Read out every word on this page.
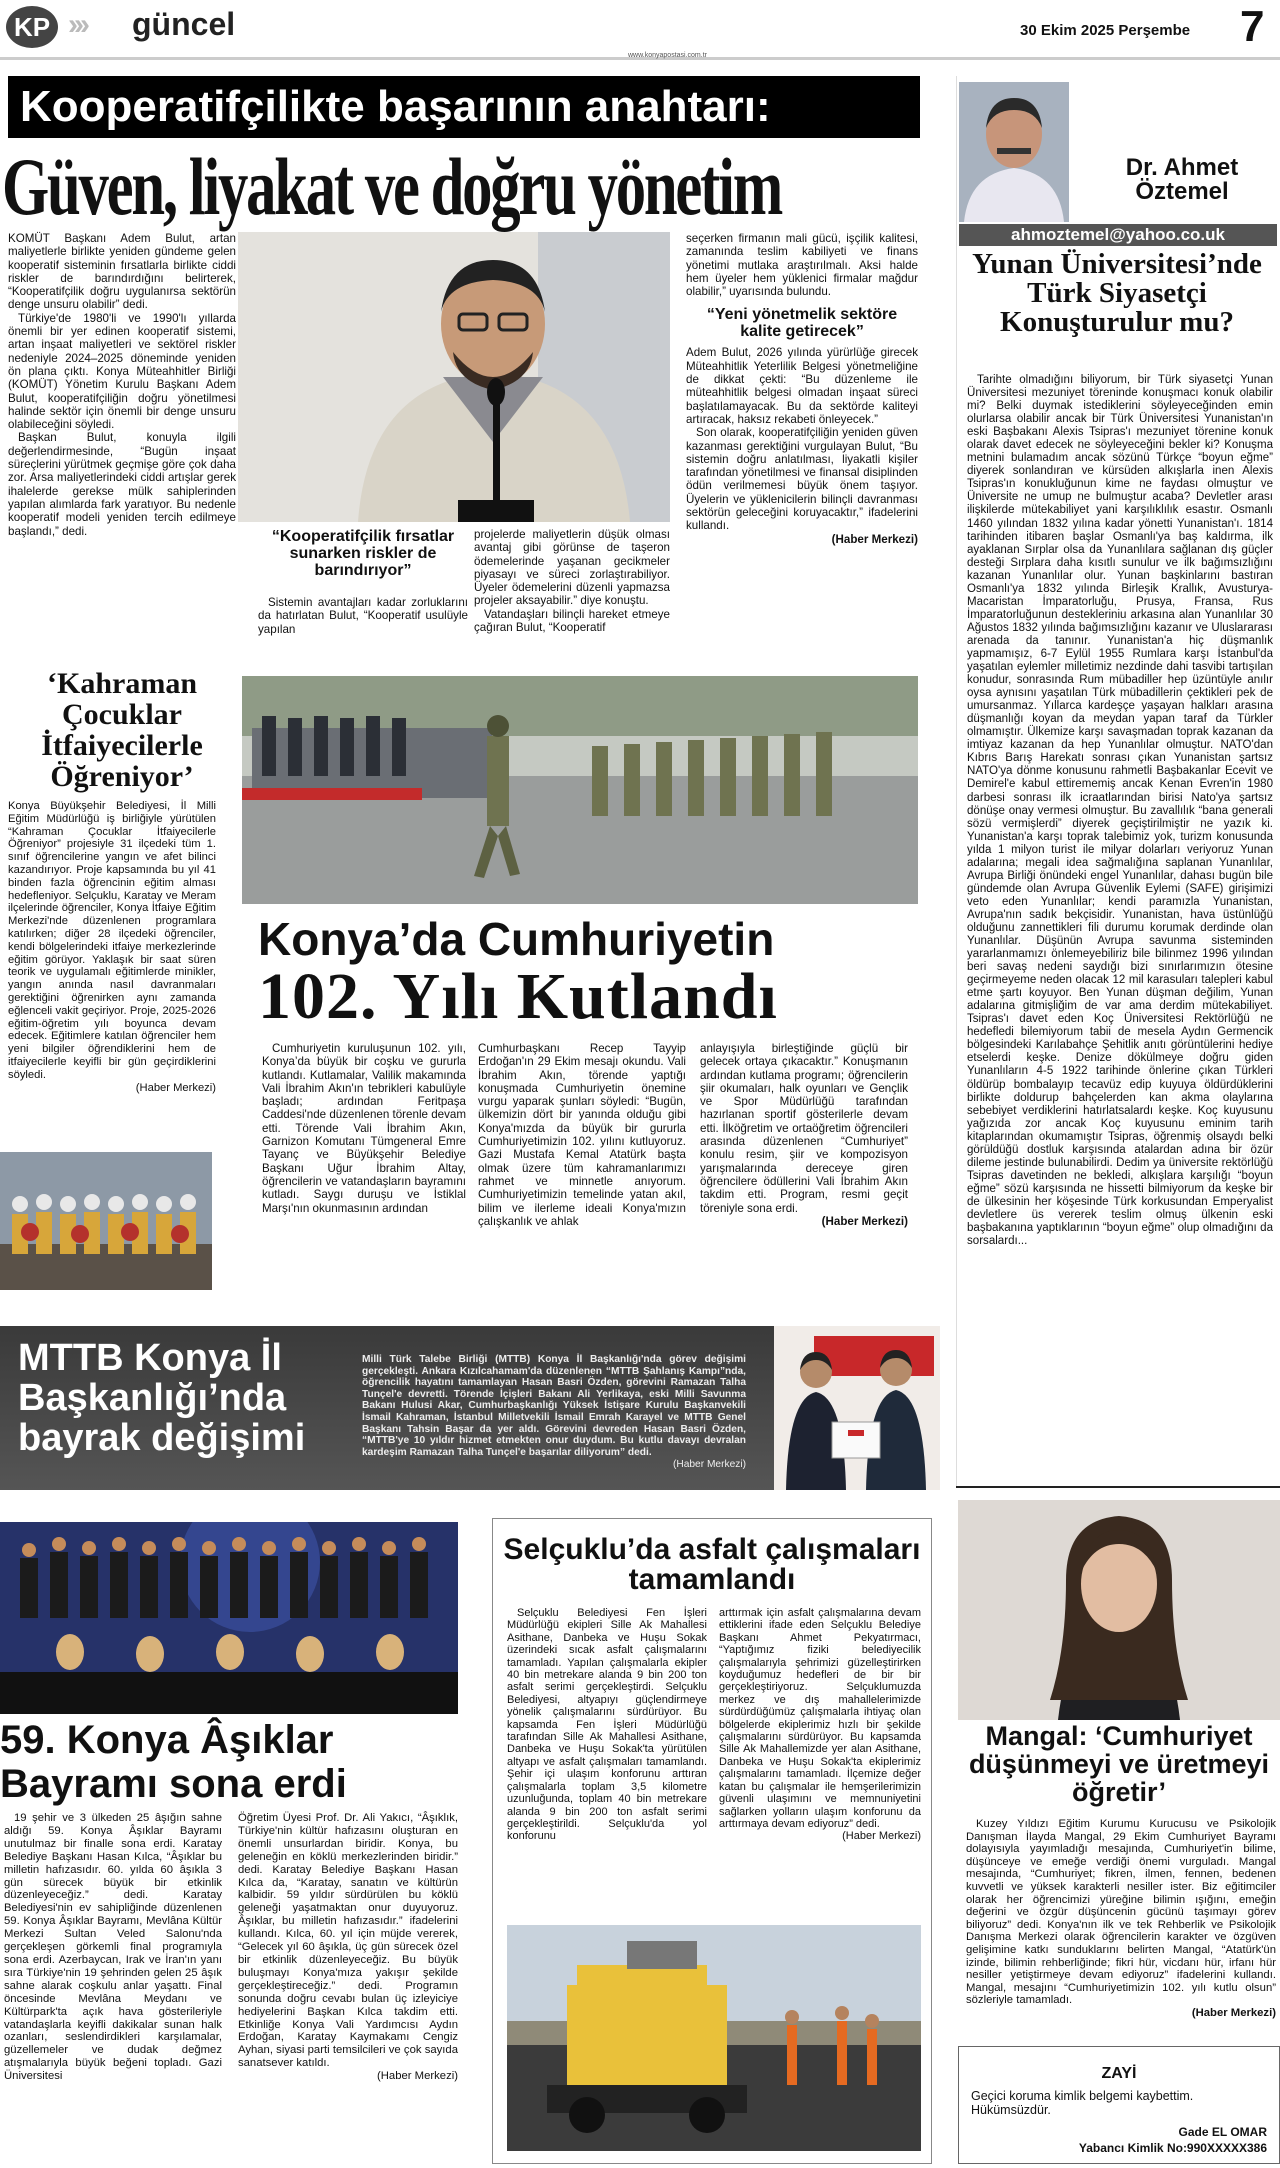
KP ››› güncel
www.konyapostasi.com.tr
30 Ekim 2025 Perşembe 7
Kooperatifçilikte başarının anahtarı:
Güven, liyakat ve doğru yönetim

KOMÜT Başkanı Adem Bulut, artan maliyetlerle birlikte yeniden gündeme gelen kooperatif sisteminin fırsatlarla birlikte ciddi riskler de barındırdığını belirterek, “Kooperatifçilik doğru uygulanırsa sektörün denge unsuru olabilir” dedi.

Türkiye'de 1980'li ve 1990'lı yıllarda önemli bir yer edinen kooperatif sistemi, artan inşaat maliyetleri ve sektörel riskler nedeniyle 2024–2025 döneminde yeniden ön plana çıktı. Konya Müteahhitler Birliği (KOMÜT) Yönetim Kurulu Başkanı Adem Bulut, kooperatifçiliğin doğru yönetilmesi halinde sektör için önemli bir denge unsuru olabileceğini söyledi.

Başkan Bulut, konuyla ilgili değerlendirmesinde, “Bugün inşaat süreçlerini yürütmek geçmişe göre çok daha zor. Arsa maliyetlerindeki ciddi artışlar gerek ihalelerde gerekse mülk sahiplerinden yapılan alımlarda fark yaratıyor. Bu nedenle kooperatif modeli yeniden tercih edilmeye başlandı,” dedi.	“Kooperatifçilik fırsatlar sunarken riskler de barındırıyor”

Sistemin avantajları kadar zorluklarını da hatırlatan Bulut, “Kooperatif usulüyle yapılan

projelerde maliyetlerin düşük olması avantaj gibi görünse de taşeron ödemelerinde yaşanan gecikmeler piyasayı ve süreci zorlaştırabiliyor. Üyeler ödemelerini düzenli yapmazsa projeler aksayabilir.” diye konuştu.

Vatandaşları bilinçli hareket etmeye çağıran Bulut, “Kooperatif

seçerken firmanın mali gücü, işçilik kalitesi, zamanında teslim kabiliyeti ve finans yönetimi mutlaka araştırılmalı. Aksi halde hem üyeler hem yüklenici firmalar mağdur olabilir,” uyarısında bulundu.

“Yeni yönetmelik sektöre kalite getirecek”

Adem Bulut, 2026 yılında yürürlüğe girecek Müteahhitlik Yeterlilik Belgesi yönetmeliğine de dikkat çekti: “Bu düzenleme ile müteahhitlik belgesi olmadan inşaat süreci başlatılamayacak. Bu da sektörde kaliteyi artıracak, haksız rekabeti önleyecek.”

Son olarak, kooperatifçiliğin yeniden güven kazanması gerektiğini vurgulayan Bulut, “Bu sistemin doğru anlatılması, liyakatli kişiler tarafından yönetilmesi ve finansal disiplinden ödün verilmemesi büyük önem taşıyor. Üyelerin ve yüklenicilerin bilinçli davranması sektörün geleceğini koruyacaktır,” ifadelerini kullandı.

(Haber Merkezi)

‘Kahraman Çocuklar İtfaiyecilerle Öğreniyor’

Konya Büyükşehir Belediyesi, İl Milli Eğitim Müdürlüğü iş birliğiyle yürütülen “Kahraman Çocuklar İtfaiyecilerle Öğreniyor” projesiyle 31 ilçedeki tüm 1. sınıf öğrencilerine yangın ve afet bilinci kazandırıyor. Proje kapsamında bu yıl 41 binden fazla öğrencinin eğitim alması hedefleniyor. Selçuklu, Karatay ve Meram ilçelerinde öğrenciler, Konya İtfaiye Eğitim Merkezi'nde düzenlenen programlara katılırken; diğer 28 ilçedeki öğrenciler, kendi bölgelerindeki itfaiye merkezlerinde eğitim görüyor. Yaklaşık bir saat süren teorik ve uygulamalı eğitimlerde minikler, yangın anında nasıl davranmaları gerektiğini öğrenirken aynı zamanda eğlenceli vakit geçiriyor. Proje, 2025-2026 eğitim-öğretim yılı boyunca devam edecek. Eğitimlere katılan öğrenciler hem yeni bilgiler öğrendiklerini hem de itfaiyecilerle keyifli bir gün geçirdiklerini söyledi.

(Haber Merkezi)

Konya’da Cumhuriyetin
102. Yılı Kutlandı

Cumhuriyetin kuruluşunun 102. yılı, Konya’da büyük bir coşku ve gururla kutlandı. Kutlamalar, Valilik makamında Vali İbrahim Akın'ın tebrikleri kabulüyle başladı; ardından Feritpaşa Caddesi'nde düzenlenen törenle devam etti. Törende Vali İbrahim Akın, Garnizon Komutanı Tümgeneral Emre Tayanç ve Büyükşehir Belediye Başkanı Uğur İbrahim Altay, öğrencilerin ve vatandaşların bayramını kutladı. Saygı duruşu ve İstiklal Marşı'nın okunmasının ardından

Cumhurbaşkanı Recep Tayyip Erdoğan'ın 29 Ekim mesajı okundu. Vali İbrahim Akın, törende yaptığı konuşmada Cumhuriyetin önemine vurgu yaparak şunları söyledi: “Bugün, ülkemizin dört bir yanında olduğu gibi Konya'mızda da büyük bir gururla Cumhuriyetimizin 102. yılını kutluyoruz. Gazi Mustafa Kemal Atatürk başta olmak üzere tüm kahramanlarımızı rahmet ve minnetle anıyorum. Cumhuriyetimizin temelinde yatan akıl, bilim ve ilerleme ideali Konya'mızın çalışkanlık ve ahlak

anlayışıyla birleştiğinde güçlü bir gelecek ortaya çıkacaktır.” Konuşmanın ardından kutlama programı; öğrencilerin şiir okumaları, halk oyunları ve Gençlik ve Spor Müdürlüğü tarafından hazırlanan sportif gösterilerle devam etti. İlköğretim ve ortaöğretim öğrencileri arasında düzenlenen “Cumhuriyet” konulu resim, şiir ve kompozisyon yarışmalarında dereceye giren öğrencilere ödüllerini Vali İbrahim Akın takdim etti. Program, resmi geçit töreniyle sona erdi.

(Haber Merkezi)

MTTB Konya İl Başkanlığı’nda bayrak değişimi

Milli Türk Talebe Birliği (MTTB) Konya İl Başkanlığı'nda görev değişimi gerçekleşti. Ankara Kızılcahamam'da düzenlenen “MTTB Şahlanış Kampı”nda, öğrencilik hayatını tamamlayan Hasan Basri Özden, görevini Ramazan Talha Tunçel'e devretti. Törende İçişleri Bakanı Ali Yerlikaya, eski Milli Savunma Bakanı Hulusi Akar, Cumhurbaşkanlığı Yüksek İstişare Kurulu Başkanvekili İsmail Kahraman, İstanbul Milletvekili İsmail Emrah Karayel ve MTTB Genel Başkanı Tahsin Başar da yer aldı. Görevini devreden Hasan Basri Özden, “MTTB'ye 10 yıldır hizmet etmekten onur duydum. Bu kutlu davayı devralan kardeşim Ramazan Talha Tunçel'e başarılar diliyorum” dedi.

(Haber Merkezi)

Dr. Ahmet Öztemel
ahmoztemel@yahoo.co.uk
Yunan Üniversitesi’nde Türk Siyasetçi Konuşturulur mu?

Tarihte olmadığını biliyorum, bir Türk siyasetçi Yunan Üniversitesi mezuniyet töreninde konuşmacı konuk olabilir mi? Belki duymak istediklerini söyleyeceğinden emin olurlarsa olabilir ancak bir Türk Üniversitesi Yunanistan'ın eski Başbakanı Alexis Tsipras'ı mezuniyet törenine konuk olarak davet edecek ne söyleyeceğini bekler ki? Konuşma metnini bulamadım ancak sözünü Türkçe “boyun eğme” diyerek sonlandıran ve kürsüden alkışlarla inen Alexis Tsipras'ın konukluğunun kime ne faydası olmuştur ve Üniversite ne umup ne bulmuştur acaba? Devletler arası ilişkilerde mütekabiliyet yani karşılıklılık esastır. Osmanlı 1460 yılından 1832 yılına kadar yönetti Yunanistan'ı. 1814 tarihinden itibaren başlar Osmanlı'ya baş kaldırma, ilk ayaklanan Sırplar olsa da Yunanlılara sağlanan dış güçler desteği Sırplara daha kısıtlı sunulur ve ilk bağımsızlığını kazanan Yunanlılar olur. Yunan başkinlarını bastıran Osmanlı'ya 1832 yılında Birleşik Krallık, Avusturya-Macaristan İmparatorluğu, Prusya, Fransa, Rus İmparatorluğunun destekleriniu arkasına alan Yunanlılar 30 Ağustos 1832 yılında bağımsızlığını kazanır ve Uluslararası arenada da tanınır. Yunanistan'a hiç düşmanlık yapmamışız, 6-7 Eylül 1955 Rumlara karşı İstanbul'da yaşatılan eylemler milletimiz nezdinde dahi tasvibi tartışılan konudur, sonrasında Rum mübadiller hep üzüntüyle anılır oysa aynısını yaşatılan Türk mübadillerin çektikleri pek de umursanmaz. Yıllarca kardeşçe yaşayan halkları arasına düşmanlığı koyan da meydan yapan taraf da Türkler olmamıştır. Ülkemize karşı savaşmadan toprak kazanan da imtiyaz kazanan da hep Yunanlılar olmuştur. NATO'dan Kıbrıs Barış Harekatı sonrası çıkan Yunanistan şartsız NATO'ya dönme konusunu rahmetli Başbakanlar Ecevit ve Demirel'e kabul ettirememiş ancak Kenan Evren'in 1980 darbesi sonrası ilk icraatlarından birisi Nato'ya şartsız dönüşe onay vermesi olmuştur. Bu zavallılık “bana generali sözü vermişlerdi” diyerek geçiştirilmiştir ne yazık ki. Yunanistan'a karşı toprak talebimiz yok, turizm konusunda yılda 1 milyon turist ile milyar dolarları veriyoruz Yunan adalarına; megali idea sağmalığına saplanan Yunanlılar, Avrupa Birliği önündeki engel Yunanlılar, dahası bugün bile gündemde olan Avrupa Güvenlik Eylemi (SAFE) girişimizi veto eden Yunanlılar; kendi paramızla Yunanistan, Avrupa'nın sadık bekçisidir. Yunanistan, hava üstünlüğü olduğunu zannettikleri fili durumu korumak derdinde olan Yunanlılar. Düşünün Avrupa savunma sisteminden yararlanmamızı önlemeyebiliriz bile bilinmez 1996 yılından beri savaş nedeni saydığı bizi sınırlarımızın ötesine geçirmeyeme neden olacak 12 mil karasuları talepleri kabul etme şartı koyuyor. Ben Yunan düşman değilim, Yunan adalarına gitmişliğim de var ama derdim mütekabiliyet. Tsipras'ı davet eden Koç Üniversitesi Rektörlüğü ne hedefledi bilemiyorum tabii de mesela Aydın Germencik bölgesindeki Karılabahçe Şehitlik anıtı görüntülerini hediye etselerdi keşke. Denize dökülmeye doğru giden Yunanlıların 4-5 1922 tarihinde önlerine çıkan Türkleri öldürüp bombalayıp tecavüz edip kuyuya öldürdüklerini birlikte doldurup bahçelerden kan akma olaylarına sebebiyet verdiklerini hatırlatsalardı keşke. Koç kuyusunu yağızıda zor ancak Koç kuyusunu eminim tarih kitaplarından okumamıştır Tsipras, öğrenmiş olsaydı belki görüldüğü dostluk karşısında atalardan adına bir özür dileme jestinde bulunabilirdi. Dedim ya üniversite rektörlüğü Tsipras davetinden ne bekledi, alkışlara karşılığı “boyun eğme” sözü karşısında ne hissetti bilmiyorum da keşke bir de ülkesinin her köşesinde Türk korkusundan Emperyalist devletlere üs vererek teslim olmuş ülkenin eski başbakanına yaptıklarının “boyun eğme” olup olmadığını da sorsalardı...

59. Konya Âşıklar Bayramı sona erdi

19 şehir ve 3 ülkeden 25 âşığın sahne aldığı 59. Konya Âşıklar Bayramı unutulmaz bir finalle sona erdi. Karatay Belediye Başkanı Hasan Kılca, “Âşıklar bu milletin hafızasıdır. 60. yılda 60 âşıkla 3 gün sürecek büyük bir etkinlik düzenleyeceğiz.” dedi. Karatay Belediyesi'nin ev sahipliğinde düzenlenen 59. Konya Âşıklar Bayramı, Mevlâna Kültür Merkezi Sultan Veled Salonu'nda gerçekleşen görkemli final programıyla sona erdi. Azerbaycan, Irak ve İran'ın yanı sıra Türkiye'nin 19 şehrinden gelen 25 âşık sahne alarak coşkulu anlar yaşattı. Final öncesinde Mevlâna Meydanı ve Kültürpark'ta açık hava gösterileriyle vatandaşlarla keyifli dakikalar sunan halk ozanları, seslendirdikleri karşılamalar, güzellemeler ve dudak değmez atışmalarıyla büyük beğeni topladı. Gazi Üniversitesi

Öğretim Üyesi Prof. Dr. Ali Yakıcı, “Âşıklık, Türkiye'nin kültür hafızasını oluşturan en önemli unsurlardan biridir. Konya, bu geleneğin en köklü merkezlerinden biridir.” dedi. Karatay Belediye Başkanı Hasan Kılca da, “Karatay, sanatın ve kültürün kalbidir. 59 yıldır sürdürülen bu köklü geleneği yaşatmaktan onur duyuyoruz. Âşıklar, bu milletin hafızasıdır.” ifadelerini kullandı. Kılca, 60. yıl için müjde vererek, “Gelecek yıl 60 âşıkla, üç gün sürecek özel bir etkinlik düzenleyeceğiz. Bu büyük buluşmayı Konya'mıza yakışır şekilde gerçekleştireceğiz.” dedi. Programın sonunda doğru cevabı bulan üç izleyiciye hediyelerini Başkan Kılca takdim etti. Etkinliğe Konya Vali Yardımcısı Aydın Erdoğan, Karatay Kaymakamı Cengiz Ayhan, siyasi parti temsilcileri ve çok sayıda sanatsever katıldı.

(Haber Merkezi)

Selçuklu’da asfalt çalışmaları tamamlandı

Selçuklu Belediyesi Fen İşleri Müdürlüğü ekipleri Sille Ak Mahallesi Asithane, Danbeka ve Huşu Sokak üzerindeki sıcak asfalt çalışmalarını tamamladı. Yapılan çalışmalarla ekipler 40 bin metrekare alanda 9 bin 200 ton asfalt serimi gerçekleştirdi. Selçuklu Belediyesi, altyapıyı güçlendirmeye yönelik çalışmalarını sürdürüyor. Bu kapsamda Fen İşleri Müdürlüğü tarafından Sille Ak Mahallesi Asithane, Danbeka ve Huşu Sokak'ta yürütülen altyapı ve asfalt çalışmaları tamamlandı. Şehir içi ulaşım konforunu arttıran çalışmalarla toplam 3,5 kilometre uzunluğunda, toplam 40 bin metrekare alanda 9 bin 200 ton asfalt serimi gerçekleştirildi. Selçuklu'da yol konforunu

arttırmak için asfalt çalışmalarına devam ettiklerini ifade eden Selçuklu Belediye Başkanı Ahmet Pekyatırmacı, “Yaptığımız fiziki belediyecilik çalışmalarıyla şehrimizi güzelleştirirken koyduğumuz hedefleri de bir bir gerçekleştiriyoruz. Selçuklumuzda merkez ve dış mahallelerimizde sürdürdüğümüz çalışmalarla ihtiyaç olan bölgelerde ekiplerimiz hızlı bir şekilde çalışmalarını sürdürüyor. Bu kapsamda Sille Ak Mahallemizde yer alan Asithane, Danbeka ve Huşu Sokak'ta ekiplerimiz çalışmalarını tamamladı. İlçemize değer katan bu çalışmalar ile hemşerilerimizin güvenli ulaşımını ve memnuniyetini sağlarken yolların ulaşım konforunu da arttırmaya devam ediyoruz” dedi.

(Haber Merkezi)

Mangal: ‘Cumhuriyet düşünmeyi ve üretmeyi öğretir’

Kuzey Yıldızı Eğitim Kurumu Kurucusu ve Psikolojik Danışman İlayda Mangal, 29 Ekim Cumhuriyet Bayramı dolayısıyla yayımladığı mesajında, Cumhuriyet'in bilime, düşünceye ve emeğe verdiği önemi vurguladı. Mangal mesajında, “Cumhuriyet; fikren, ilmen, fennen, bedenen kuvvetli ve yüksek karakterli nesiller ister. Biz eğitimciler olarak her öğrencimizi yüreğine bilimin ışığını, emeğin değerini ve özgür düşüncenin gücünü taşımayı görev biliyoruz” dedi. Konya'nın ilk ve tek Rehberlik ve Psikolojik Danışma Merkezi olarak öğrencilerin karakter ve özgüven gelişimine katkı sunduklarını belirten Mangal, “Atatürk'ün izinde, bilimin rehberliğinde; fikri hür, vicdanı hür, irfanı hür nesiller yetiştirmeye devam ediyoruz” ifadelerini kullandı. Mangal, mesajını “Cumhuriyetimizin 102. yılı kutlu olsun” sözleriyle tamamladı.

(Haber Merkezi)

ZAYİ
Geçici koruma kimlik belgemi kaybettim. Hükümsüzdür.
Gade EL OMAR
Yabancı Kimlik No:990XXXXX386
